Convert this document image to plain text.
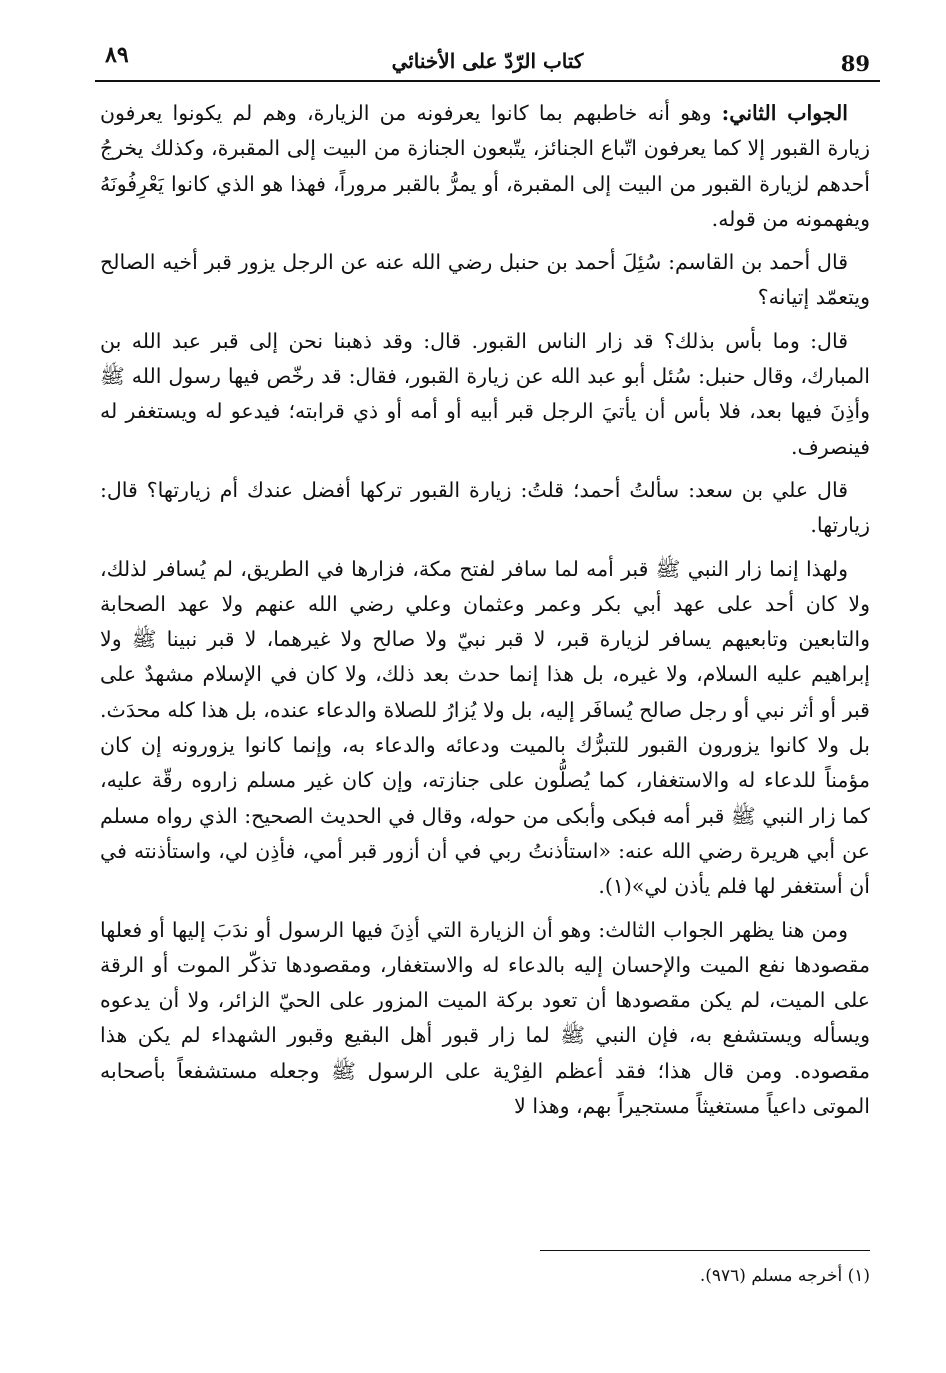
89
كتاب الرّدّ على الأخنائي
٨٩

الجواب الثاني: وهو أنه خاطبهم بما كانوا يعرفونه من الزيارة، وهم لم يكونوا يعرفون زيارة القبور إلا كما يعرفون اتّباع الجنائز، يتّبعون الجنازة من البيت إلى المقبرة، وكذلك يخرجُ أحدهم لزيارة القبور من البيت إلى المقبرة، أو يمرُّ بالقبر مروراً، فهذا هو الذي كانوا يَعْرِفُونَهُ ويفهمونه من قوله.

قال أحمد بن القاسم: سُئِلَ أحمد بن حنبل رضي الله عنه عن الرجل يزور قبر أخيه الصالح ويتعمّد إتيانه؟

قال: وما بأس بذلك؟ قد زار الناس القبور. قال: وقد ذهبنا نحن إلى قبر عبد الله بن المبارك، وقال حنبل: سُئل أبو عبد الله عن زيارة القبور، فقال: قد رخّص فيها رسول الله ﷺ وأذِنَ فيها بعد، فلا بأس أن يأتيَ الرجل قبر أبيه أو أمه أو ذي قرابته؛ فيدعو له ويستغفر له فينصرف.

قال علي بن سعد: سألتُ أحمد؛ قلتُ: زيارة القبور تركها أفضل عندك أم زيارتها؟ قال: زيارتها.

ولهذا إنما زار النبي ﷺ قبر أمه لما سافر لفتح مكة، فزارها في الطريق، لم يُسافر لذلك، ولا كان أحد على عهد أبي بكر وعمر وعثمان وعلي رضي الله عنهم ولا عهد الصحابة والتابعين وتابعيهم يسافر لزيارة قبر، لا قبر نبيّ ولا صالح ولا غيرهما، لا قبر نبينا ﷺ ولا إبراهيم عليه السلام، ولا غيره، بل هذا إنما حدث بعد ذلك، ولا كان في الإسلام مشهدٌ على قبر أو أثر نبي أو رجل صالح يُسافَر إليه، بل ولا يُزارُ للصلاة والدعاء عنده، بل هذا كله محدَث. بل ولا كانوا يزورون القبور للتبرُّك بالميت ودعائه والدعاء به، وإنما كانوا يزورونه إن كان مؤمناً للدعاء له والاستغفار، كما يُصلُّون على جنازته، وإن كان غير مسلم زاروه رقّة عليه، كما زار النبي ﷺ قبر أمه فبكى وأبكى من حوله، وقال في الحديث الصحيح: الذي رواه مسلم عن أبي هريرة رضي الله عنه: «استأذنتُ ربي في أن أزور قبر أمي، فأذِن لي، واستأذنته في أن أستغفر لها فلم يأذن لي»(١).

ومن هنا يظهر الجواب الثالث: وهو أن الزيارة التي أذِنَ فيها الرسول أو ندَبَ إليها أو فعلها مقصودها نفع الميت والإحسان إليه بالدعاء له والاستغفار، ومقصودها تذكّر الموت أو الرقة على الميت، لم يكن مقصودها أن تعود بركة الميت المزور على الحيّ الزائر، ولا أن يدعوه ويسأله ويستشفع به، فإن النبي ﷺ لما زار قبور أهل البقيع وقبور الشهداء لم يكن هذا مقصوده. ومن قال هذا؛ فقد أعظم الفِرْية على الرسول ﷺ وجعله مستشفعاً بأصحابه الموتى داعياً مستغيثاً مستجيراً بهم، وهذا لا

(١) أخرجه مسلم (٩٧٦).
